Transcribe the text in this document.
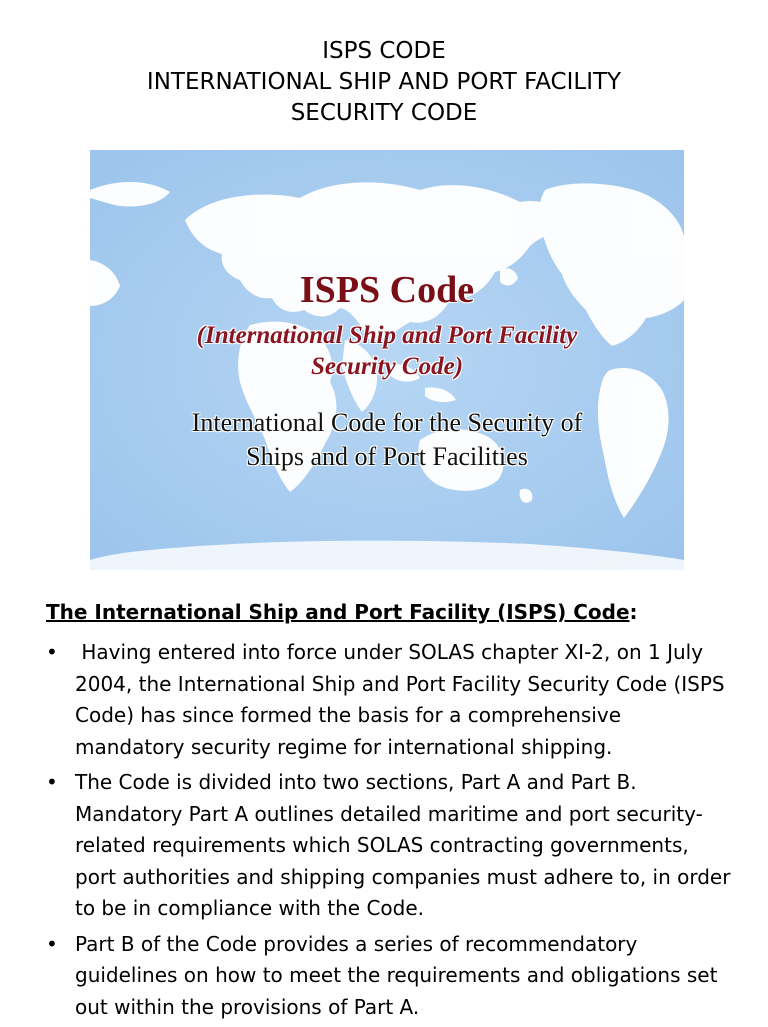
ISPS CODE
INTERNATIONAL SHIP AND PORT FACILITY
SECURITY CODE
ISPS Code
(International Ship and Port Facility
Security Code)
International Code for the Security of
Ships and of Port Facilities
The International Ship and Port Facility (ISPS) Code:
• Having entered into force under SOLAS chapter XI-2, on 1 July 2004, the International Ship and Port Facility Security Code (ISPS Code) has since formed the basis for a comprehensive mandatory security regime for international shipping.
• The Code is divided into two sections, Part A and Part B. Mandatory Part A outlines detailed maritime and port security-related requirements which SOLAS contracting governments, port authorities and shipping companies must adhere to, in order to be in compliance with the Code.
• Part B of the Code provides a series of recommendatory guidelines on how to meet the requirements and obligations set out within the provisions of Part A.
